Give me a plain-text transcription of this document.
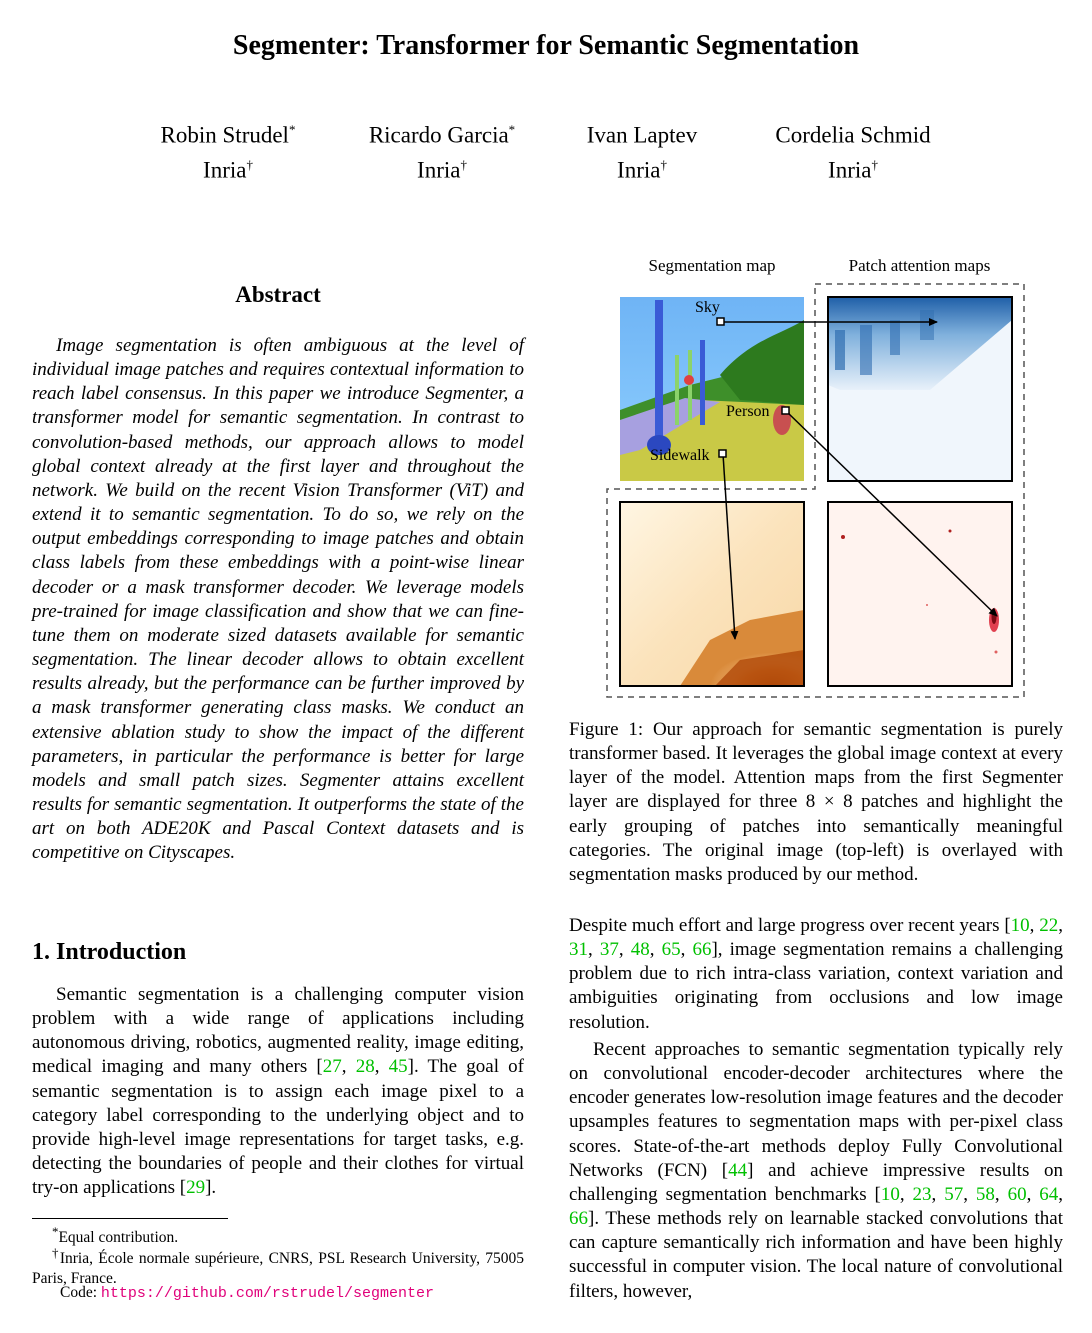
Segmenter: Transformer for Semantic Segmentation
Robin Strudel*
Inria†
Ricardo Garcia*
Inria†
Ivan Laptev
Inria†
Cordelia Schmid
Inria†
Abstract
Image segmentation is often ambiguous at the level of individual image patches and requires contextual information to reach label consensus. In this paper we introduce Segmenter, a transformer model for semantic segmentation. In contrast to convolution-based methods, our approach allows to model global context already at the first layer and throughout the network. We build on the recent Vision Transformer (ViT) and extend it to semantic segmentation. To do so, we rely on the output embeddings corresponding to image patches and obtain class labels from these embeddings with a point-wise linear decoder or a mask transformer decoder. We leverage models pre-trained for image classification and show that we can fine-tune them on moderate sized datasets available for semantic segmentation. The linear decoder allows to obtain excellent results already, but the performance can be further improved by a mask transformer generating class masks. We conduct an extensive ablation study to show the impact of the different parameters, in particular the performance is better for large models and small patch sizes. Segmenter attains excellent results for semantic segmentation. It outperforms the state of the art on both ADE20K and Pascal Context datasets and is competitive on Cityscapes.
1. Introduction
Semantic segmentation is a challenging computer vision problem with a wide range of applications including autonomous driving, robotics, augmented reality, image editing, medical imaging and many others [27, 28, 45]. The goal of semantic segmentation is to assign each image pixel to a category label corresponding to the underlying object and to provide high-level image representations for target tasks, e.g. detecting the boundaries of people and their clothes for virtual try-on applications [29].
*Equal contribution.
†Inria, École normale supérieure, CNRS, PSL Research University, 75005 Paris, France.
Code: https://github.com/rstrudel/segmenter
Segmentation map	Patch attention maps
Sky
Person
Sidewalk
Figure 1: Our approach for semantic segmentation is purely transformer based. It leverages the global image context at every layer of the model. Attention maps from the first Segmenter layer are displayed for three 8 × 8 patches and highlight the early grouping of patches into semantically meaningful categories. The original image (top-left) is overlayed with segmentation masks produced by our method.
Despite much effort and large progress over recent years [10, 22, 31, 37, 48, 65, 66], image segmentation remains a challenging problem due to rich intra-class variation, context variation and ambiguities originating from occlusions and low image resolution.
Recent approaches to semantic segmentation typically rely on convolutional encoder-decoder architectures where the encoder generates low-resolution image features and the decoder upsamples features to segmentation maps with per-pixel class scores. State-of-the-art methods deploy Fully Convolutional Networks (FCN) [44] and achieve impressive results on challenging segmentation benchmarks [10, 23, 57, 58, 60, 64, 66]. These methods rely on learnable stacked convolutions that can capture semantically rich information and have been highly successful in computer vision. The local nature of convolutional filters, however,
